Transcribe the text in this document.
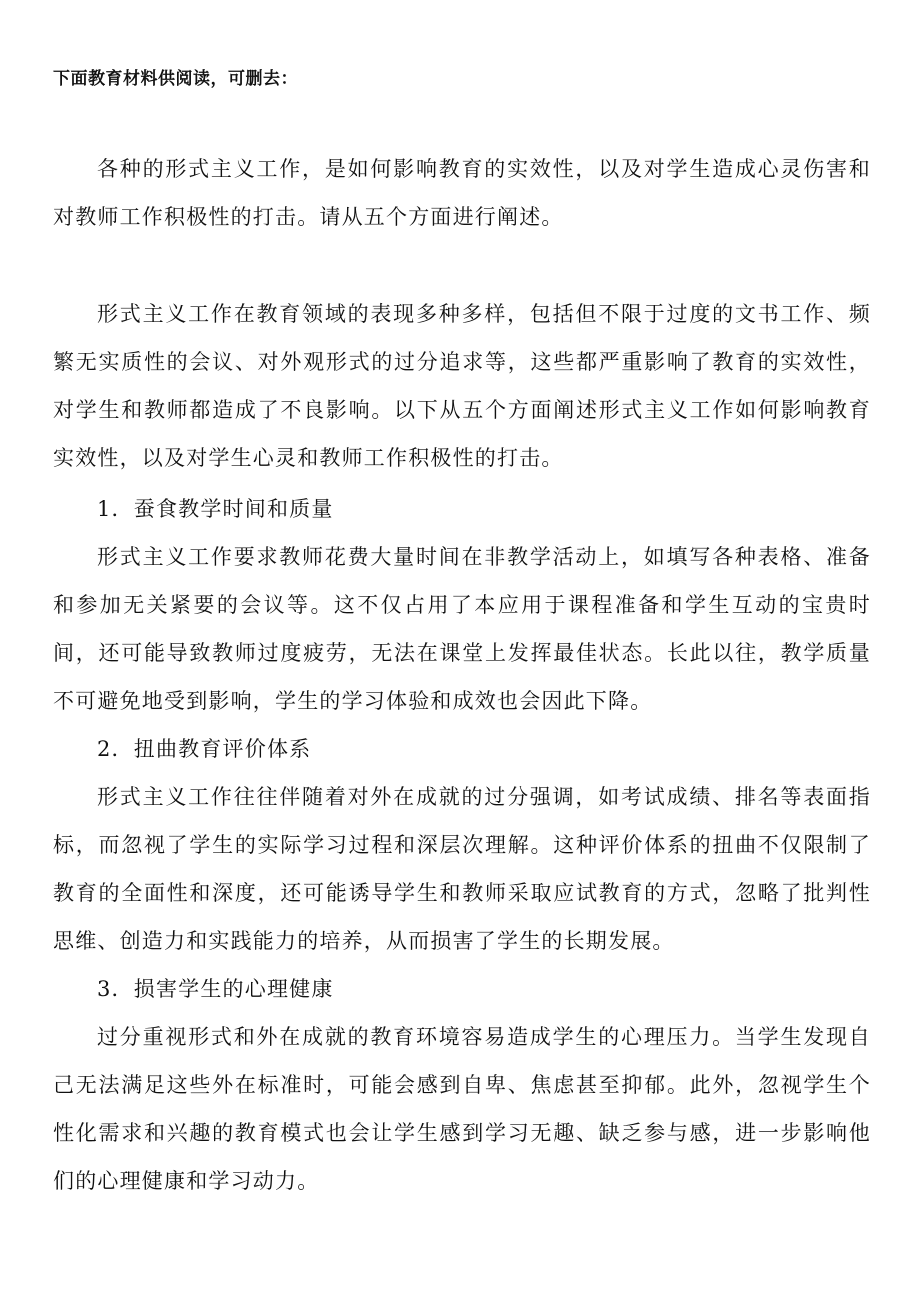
下面教育材料供阅读，可删去：

各种的形式主义工作，是如何影响教育的实效性，以及对学生造成心灵伤害和对教师工作积极性的打击。请从五个方面进行阐述。

形式主义工作在教育领域的表现多种多样，包括但不限于过度的文书工作、频繁无实质性的会议、对外观形式的过分追求等，这些都严重影响了教育的实效性，对学生和教师都造成了不良影响。以下从五个方面阐述形式主义工作如何影响教育实效性，以及对学生心灵和教师工作积极性的打击。

1．蚕食教学时间和质量

形式主义工作要求教师花费大量时间在非教学活动上，如填写各种表格、准备和参加无关紧要的会议等。这不仅占用了本应用于课程准备和学生互动的宝贵时间，还可能导致教师过度疲劳，无法在课堂上发挥最佳状态。长此以往，教学质量不可避免地受到影响，学生的学习体验和成效也会因此下降。

2．扭曲教育评价体系

形式主义工作往往伴随着对外在成就的过分强调，如考试成绩、排名等表面指标，而忽视了学生的实际学习过程和深层次理解。这种评价体系的扭曲不仅限制了教育的全面性和深度，还可能诱导学生和教师采取应试教育的方式，忽略了批判性思维、创造力和实践能力的培养，从而损害了学生的长期发展。

3．损害学生的心理健康

过分重视形式和外在成就的教育环境容易造成学生的心理压力。当学生发现自己无法满足这些外在标准时，可能会感到自卑、焦虑甚至抑郁。此外，忽视学生个性化需求和兴趣的教育模式也会让学生感到学习无趣、缺乏参与感，进一步影响他们的心理健康和学习动力。
